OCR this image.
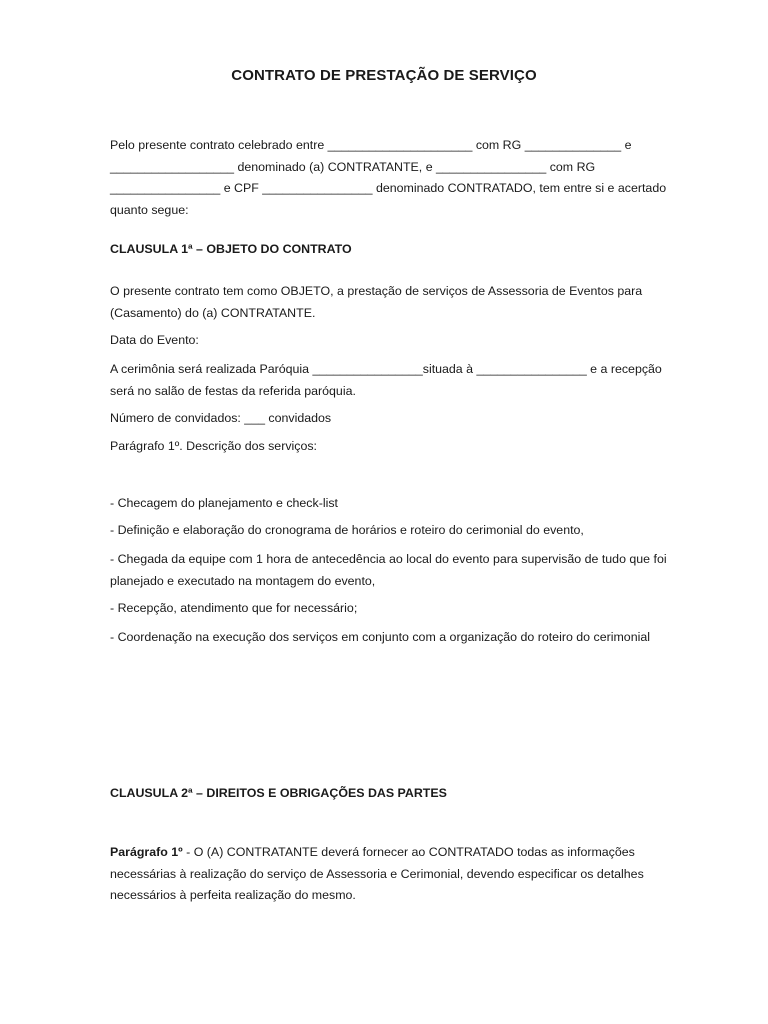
CONTRATO DE PRESTAÇÃO DE SERVIÇO

Pelo presente contrato celebrado entre _____________________ com RG ______________ e __________________ denominado (a) CONTRATANTE, e ________________ com RG ________________ e CPF ________________ denominado CONTRATADO, tem entre si e acertado quanto segue:

CLAUSULA 1ª – OBJETO DO CONTRATO

O presente contrato tem como OBJETO, a prestação de serviços de Assessoria de Eventos para (Casamento) do (a) CONTRATANTE.

Data do Evento:

A cerimônia será realizada Paróquia ________________situada à ________________ e a recepção será no salão de festas da referida paróquia.

Número de convidados: ___ convidados

Parágrafo 1º. Descrição dos serviços:

- Checagem do planejamento e check-list

- Definição e elaboração do cronograma de horários e roteiro do cerimonial do evento,

- Chegada da equipe com 1 hora de antecedência ao local do evento para supervisão de tudo que foi planejado e executado na montagem do evento,

- Recepção, atendimento que for necessário;

- Coordenação na execução dos serviços em conjunto com a organização do roteiro do cerimonial

CLAUSULA 2ª – DIREITOS E OBRIGAÇÕES DAS PARTES

Parágrafo 1º - O (A) CONTRATANTE deverá fornecer ao CONTRATADO todas as informações necessárias à realização do serviço de Assessoria e Cerimonial, devendo especificar os detalhes necessários à perfeita realização do mesmo.
